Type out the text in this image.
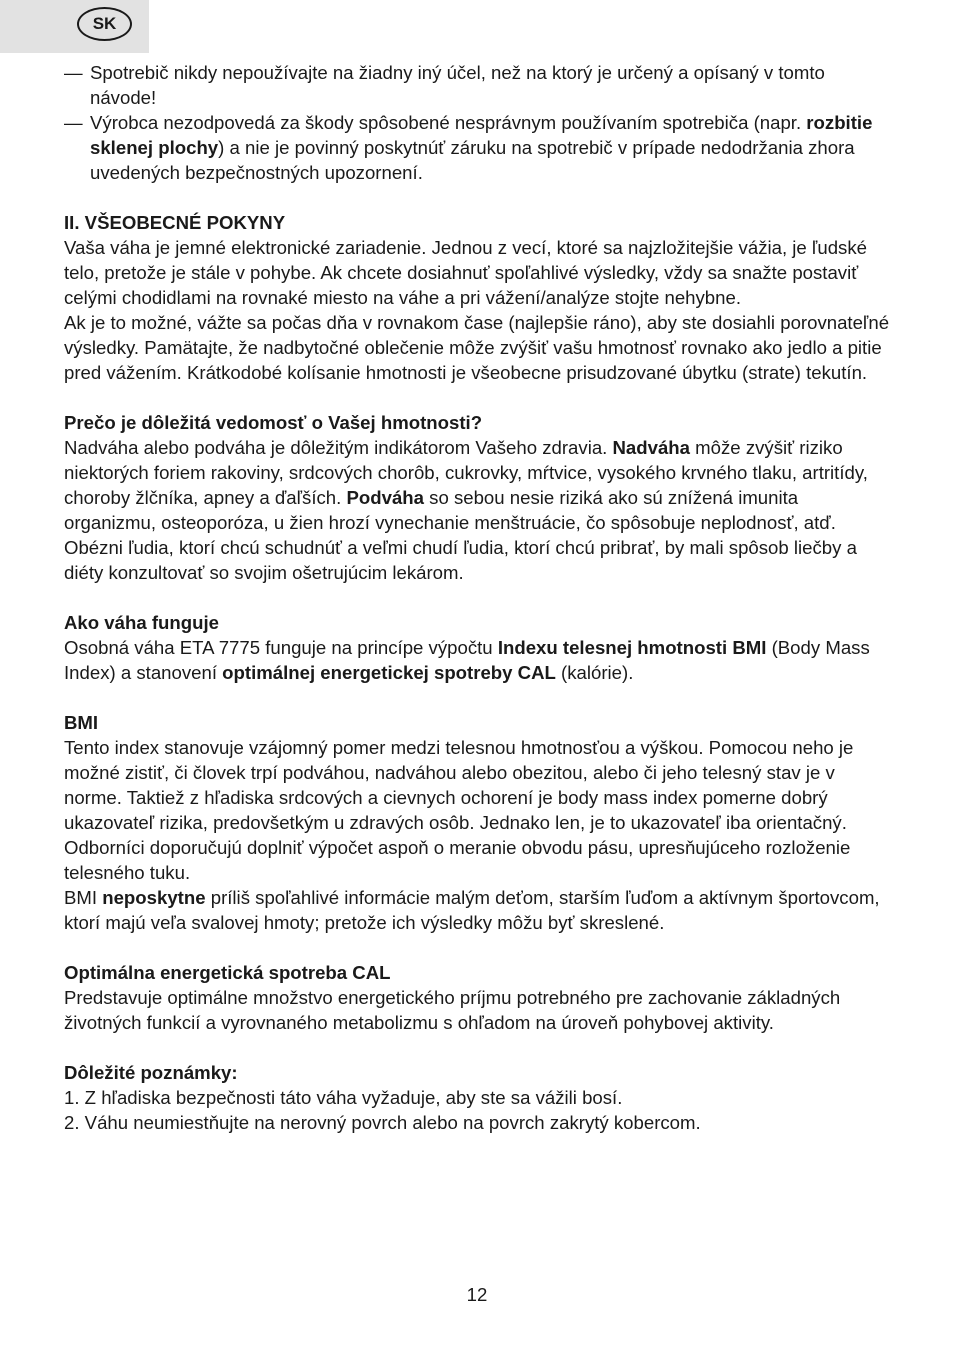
SK
— Spotrebič nikdy nepoužívajte na žiadny iný účel, než na ktorý je určený a opísaný v tomto návode!

— Výrobca nezodpovedá za škody spôsobené nesprávnym používaním spotrebiča (napr. rozbitie sklenej plochy) a nie je povinný poskytnúť záruku na spotrebič v prípade nedodržania zhora uvedených bezpečnostných upozornení.

II. VŠEOBECNÉ POKYNY

Vaša váha je jemné elektronické zariadenie. Jednou z vecí, ktoré sa najzložitejšie vážia, je ľudské telo, pretože je stále v pohybe. Ak chcete dosiahnuť spoľahlivé výsledky, vždy sa snažte postaviť celými chodidlami na rovnaké miesto na váhe a pri vážení/analýze stojte nehybne.

Ak je to možné, vážte sa počas dňa v rovnakom čase (najlepšie ráno), aby ste dosiahli porovnateľné výsledky. Pamätajte, že nadbytočné oblečenie môže zvýšiť vašu hmotnosť rovnako ako jedlo a pitie pred vážením. Krátkodobé kolísanie hmotnosti je všeobecne prisudzované úbytku (strate) tekutín.

Prečo je dôležitá vedomosť o Vašej hmotnosti?

Nadváha alebo podváha je dôležitým indikátorom Vašeho zdravia. Nadváha môže zvýšiť riziko niektorých foriem rakoviny, srdcových chorôb, cukrovky, mŕtvice, vysokého krvného tlaku, artritídy, choroby žlčníka, apney a ďaľších. Podváha so sebou nesie riziká ako sú znížená imunita organizmu, osteoporóza, u žien hrozí vynechanie menštruácie, čo spôsobuje neplodnosť, atď.

Obézni ľudia, ktorí chcú schudnúť a veľmi chudí ľudia, ktorí chcú pribrať, by mali spôsob liečby a diéty konzultovať so svojim ošetrujúcim lekárom.

Ako váha funguje

Osobná váha ETA 7775 funguje na princípe výpočtu Indexu telesnej hmotnosti BMI (Body Mass Index) a stanovení optimálnej energetickej spotreby CAL (kalórie).

BMI

Tento index stanovuje vzájomný pomer medzi telesnou hmotnosťou a výškou. Pomocou neho je možné zistiť, či človek trpí podváhou, nadváhou alebo obezitou, alebo či jeho telesný stav je v norme. Taktiež z hľadiska srdcových a cievnych ochorení je body mass index pomerne dobrý ukazovateľ rizika, predovšetkým u zdravých osôb. Jednako len, je to ukazovateľ iba orientačný. Odborníci doporučujú doplniť výpočet aspoň o meranie obvodu pásu, upresňujúceho rozloženie telesného tuku.

BMI neposkytne príliš spoľahlivé informácie malým deťom, starším ľuďom a aktívnym športovcom, ktorí majú veľa svalovej hmoty; pretože ich výsledky môžu byť skreslené.

Optimálna energetická spotreba CAL

Predstavuje optimálne množstvo energetického príjmu potrebného pre zachovanie základných životných funkcií a vyrovnaného metabolizmu s ohľadom na úroveň pohybovej aktivity.

Dôležité poznámky:

1. Z hľadiska bezpečnosti táto váha vyžaduje, aby ste sa vážili bosí.

2. Váhu neumiestňujte na nerovný povrch alebo na povrch zakrytý kobercom.

12
